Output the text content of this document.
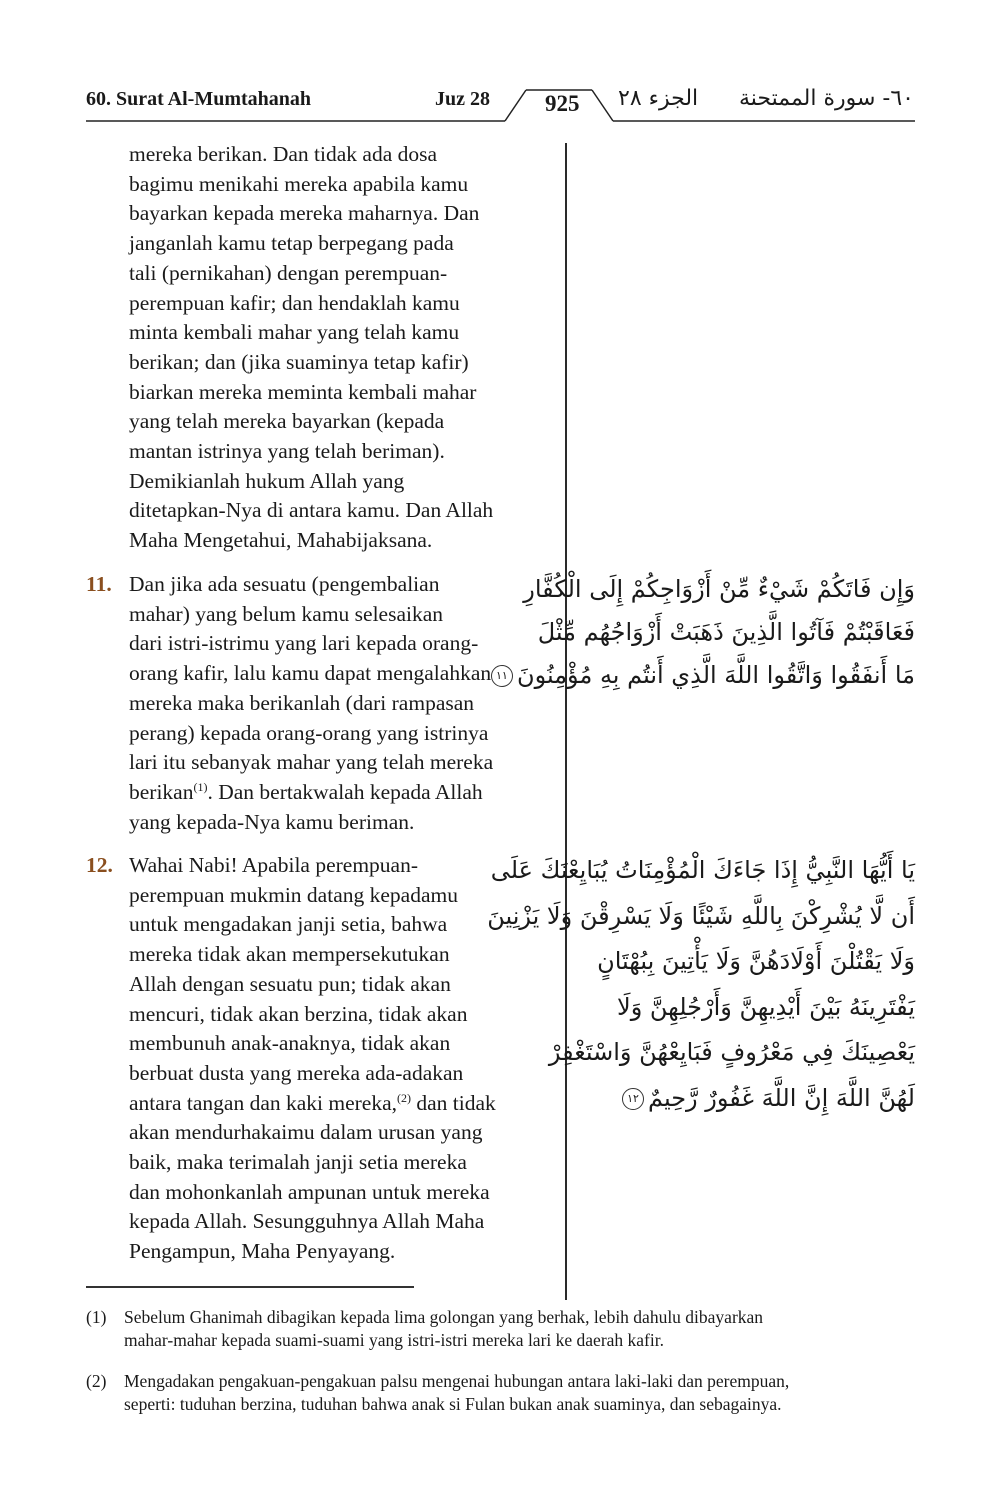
60. Surat Al-Mumtahanah	Juz 28 925 الجزء ٢٨ ٦٠- سورة الممتحنة
mereka berikan. Dan tidak ada dosa
bagimu menikahi mereka apabila kamu
bayarkan kepada mereka maharnya. Dan
janganlah kamu tetap berpegang pada
tali (pernikahan) dengan perempuan-
perempuan kafir; dan hendaklah kamu
minta kembali mahar yang telah kamu
berikan; dan (jika suaminya tetap kafir)
biarkan mereka meminta kembali mahar
yang telah mereka bayarkan (kepada
mantan istrinya yang telah beriman).
Demikianlah hukum Allah yang
ditetapkan-Nya di antara kamu. Dan Allah
Maha Mengetahui, Mahabijaksana.
11. Dan jika ada sesuatu (pengembalian
mahar) yang belum kamu selesaikan
dari istri-istrimu yang lari kepada orang-
orang kafir, lalu kamu dapat mengalahkan
mereka maka berikanlah (dari rampasan
perang) kepada orang-orang yang istrinya
lari itu sebanyak mahar yang telah mereka
berikan$^{(1)}$. Dan bertakwalah kepada Allah
yang kepada-Nya kamu beriman.
وَإِن فَاتَكُمْ شَيْءٌ مِّنْ أَزْوَاجِكُمْ إِلَى الْكُفَّارِ
فَعَاقَبْتُمْ فَآتُوا الَّذِينَ ذَهَبَتْ أَزْوَاجُهُم مِّثْلَ
مَا أَنفَقُوا وَاتَّقُوا اللَّهَ الَّذِي أَنتُم بِهِ مُؤْمِنُونَ١١
12. Wahai Nabi! Apabila perempuan-
perempuan mukmin datang kepadamu
untuk mengadakan janji setia, bahwa
mereka tidak akan mempersekutukan
Allah dengan sesuatu pun; tidak akan
mencuri, tidak akan berzina, tidak akan
membunuh anak-anaknya, tidak akan
berbuat dusta yang mereka ada-adakan
antara tangan dan kaki mereka,$^{(2)}$ dan tidak
akan mendurhakaimu dalam urusan yang
baik, maka terimalah janji setia mereka
dan mohonkanlah ampunan untuk mereka
kepada Allah. Sesungguhnya Allah Maha
Pengampun, Maha Penyayang.
يَا أَيُّهَا النَّبِيُّ إِذَا جَاءَكَ الْمُؤْمِنَاتُ يُبَايِعْنَكَ عَلَى
أَن لَّا يُشْرِكْنَ بِاللَّهِ شَيْئًا وَلَا يَسْرِقْنَ وَلَا يَزْنِينَ
وَلَا يَقْتُلْنَ أَوْلَادَهُنَّ وَلَا يَأْتِينَ بِبُهْتَانٍ
يَفْتَرِينَهُ بَيْنَ أَيْدِيهِنَّ وَأَرْجُلِهِنَّ وَلَا
يَعْصِينَكَ فِي مَعْرُوفٍ فَبَايِعْهُنَّ وَاسْتَغْفِرْ
لَهُنَّ اللَّهَ إِنَّ اللَّهَ غَفُورٌ رَّحِيمٌ١٢
(1) Sebelum Ghanimah dibagikan kepada lima golongan yang berhak, lebih dahulu dibayarkan
mahar-mahar kepada suami-suami yang istri-istri mereka lari ke daerah kafir.
(2) Mengadakan pengakuan-pengakuan palsu mengenai hubungan antara laki-laki dan perempuan,
seperti: tuduhan berzina, tuduhan bahwa anak si Fulan bukan anak suaminya, dan sebagainya.
